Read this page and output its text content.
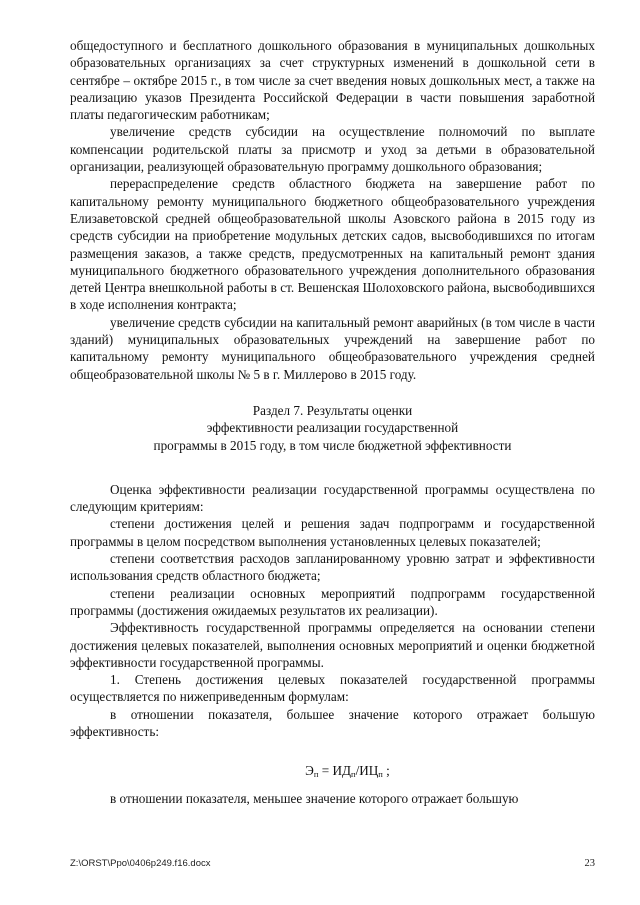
общедоступного и бесплатного дошкольного образования в муниципальных дошкольных образовательных организациях за счет структурных изменений в дошкольной сети в сентябре – октябре 2015 г., в том числе за счет введения новых дошкольных мест, а также на реализацию указов Президента Российской Федерации в части повышения заработной платы педагогическим работникам;

увеличение средств субсидии на осуществление полномочий по выплате компенсации родительской платы за присмотр и уход за детьми в образовательной организации, реализующей образовательную программу дошкольного образования;

перераспределение средств областного бюджета на завершение работ по капитальному ремонту муниципального бюджетного общеобразовательного учреждения Елизаветовской средней общеобразовательной школы Азовского района в 2015 году из средств субсидии на приобретение модульных детских садов, высвободившихся по итогам размещения заказов, а также средств, предусмотренных на капитальный ремонт здания муниципального бюджетного образовательного учреждения дополнительного образования детей Центра внешкольной работы в ст. Вешенская Шолоховского района, высвободившихся в ходе исполнения контракта;

увеличение средств субсидии на капитальный ремонт аварийных (в том числе в части зданий) муниципальных образовательных учреждений на завершение работ по капитальному ремонту муниципального общеобразовательного учреждения средней общеобразовательной школы № 5 в г. Миллерово в 2015 году.

Раздел 7. Результаты оценки
эффективности реализации государственной
программы в 2015 году, в том числе бюджетной эффективности

Оценка эффективности реализации государственной программы осуществлена по следующим критериям:

степени достижения целей и решения задач подпрограмм и государственной программы в целом посредством выполнения установленных целевых показателей;

степени соответствия расходов запланированному уровню затрат и эффективности использования средств областного бюджета;

степени реализации основных мероприятий подпрограмм государственной программы (достижения ожидаемых результатов их реализации).

Эффективность государственной программы определяется на основании степени достижения целевых показателей, выполнения основных мероприятий и оценки бюджетной эффективности государственной программы.

1. Степень достижения целевых показателей государственной программы осуществляется по нижеприведенным формулам:

в отношении показателя, большее значение которого отражает большую эффективность:

$Э_п = ИД_п/ИЦ_п$ ;

в отношении показателя, меньшее значение которого отражает большую

Z:\ORST\Ppo\0406p249.f16.docx	23
